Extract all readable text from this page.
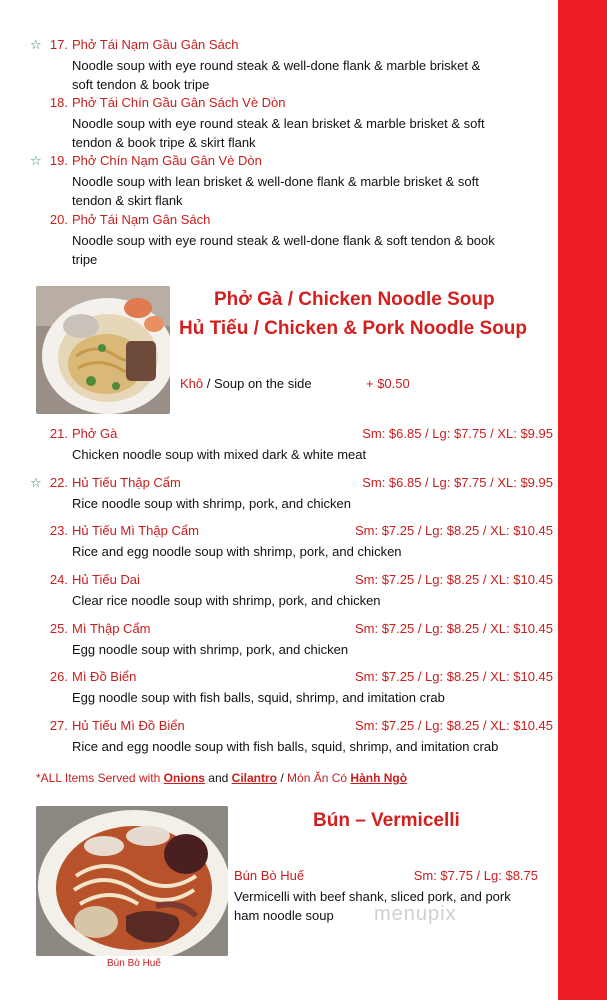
☆ 17. Phở Tái Nạm Gầu Gân Sách
Noodle soup with eye round steak & well-done flank & marble brisket &
soft tendon & book tripe
18. Phở Tái Chín Gầu Gân Sách Vè Dòn
Noodle soup with eye round steak & lean brisket & marble brisket & soft
tendon & book tripe & skirt flank
☆ 19. Phở Chín Nạm Gầu Gân Vè Dòn
Noodle soup with lean brisket & well-done flank & marble brisket & soft
tendon & skirt flank
20. Phở Tái Nạm Gân Sách
Noodle soup with eye round steak & well-done flank & soft tendon & book
tripe
Phở Gà / Chicken Noodle Soup
Hủ Tiếu / Chicken & Pork Noodle Soup
Khô / Soup on the side	+ $0.50
21. Phở Gà	Sm: $6.85 / Lg: $7.75 / XL: $9.95
Chicken noodle soup with mixed dark & white meat
☆ 22. Hủ Tiếu Thập Cẩm	Sm: $6.85 / Lg: $7.75 / XL: $9.95
Rice noodle soup with shrimp, pork, and chicken
23. Hủ Tiếu Mì Thập Cẩm	Sm: $7.25 / Lg: $8.25 / XL: $10.45
Rice and egg noodle soup with shrimp, pork, and chicken
24. Hủ Tiếu Dai	Sm: $7.25 / Lg: $8.25 / XL: $10.45
Clear rice noodle soup with shrimp, pork, and chicken
25. Mì Thập Cẩm	Sm: $7.25 / Lg: $8.25 / XL: $10.45
Egg noodle soup with shrimp, pork, and chicken
26. Mì Đồ Biển	Sm: $7.25 / Lg: $8.25 / XL: $10.45
Egg noodle soup with fish balls, squid, shrimp, and imitation crab
27. Hủ Tiếu Mì Đồ Biển	Sm: $7.25 / Lg: $8.25 / XL: $10.45
Rice and egg noodle soup with fish balls, squid, shrimp, and imitation crab
*ALL Items Served with Onions and Cilantro / Món Ăn Có Hành Ngò
Bún – Vermicelli
Bún Bò Huế	Sm: $7.75 / Lg: $8.75
Vermicelli with beef shank, sliced pork, and pork
ham noodle soup	menupix
Bún Bò Huế
